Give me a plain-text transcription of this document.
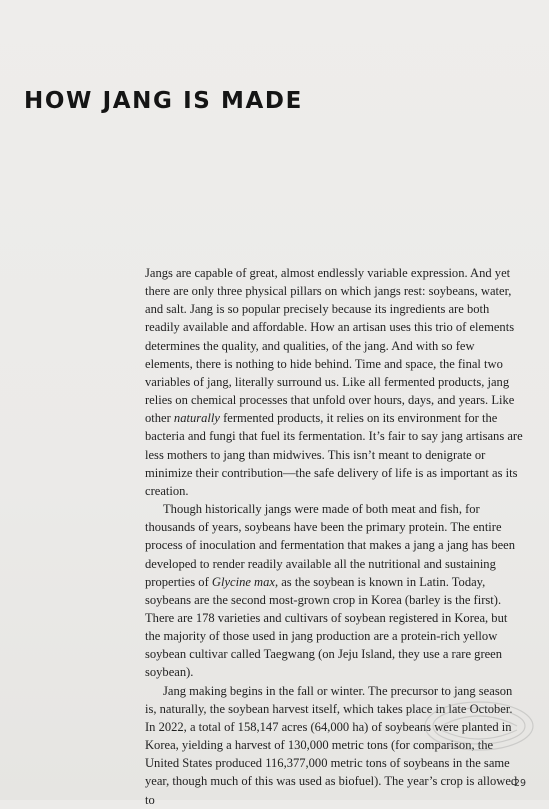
HOW JANG IS MADE

Jangs are capable of great, almost endlessly variable expression. And yet there are only three physical pillars on which jangs rest: soybeans, water, and salt. Jang is so popular precisely because its ingredients are both readily available and affordable. How an artisan uses this trio of elements determines the quality, and qualities, of the jang. And with so few elements, there is nothing to hide behind. Time and space, the final two variables of jang, literally surround us. Like all fermented products, jang relies on chemical processes that unfold over hours, days, and years. Like other naturally fermented products, it relies on its environment for the bacteria and fungi that fuel its fermentation. It’s fair to say jang artisans are less mothers to jang than midwives. This isn’t meant to denigrate or minimize their contribution—the safe delivery of life is as important as its creation.

Though historically jangs were made of both meat and fish, for thousands of years, soybeans have been the primary protein. The entire process of inoculation and fermentation that makes a jang a jang has been developed to render readily available all the nutritional and sustaining properties of Glycine max, as the soybean is known in Latin. Today, soybeans are the second most-grown crop in Korea (barley is the first). There are 178 varieties and cultivars of soybean registered in Korea, but the majority of those used in jang production are a protein-rich yellow soybean cultivar called Taegwang (on Jeju Island, they use a rare green soybean).

Jang making begins in the fall or winter. The precursor to jang season is, naturally, the soybean harvest itself, which takes place in late October. In 2022, a total of 158,147 acres (64,000 ha) of soybeans were planted in Korea, yielding a harvest of 130,000 metric tons (for comparison, the United States produced 116,377,000 metric tons of soybeans in the same year, though much of this was used as biofuel). The year’s crop is allowed to

29
